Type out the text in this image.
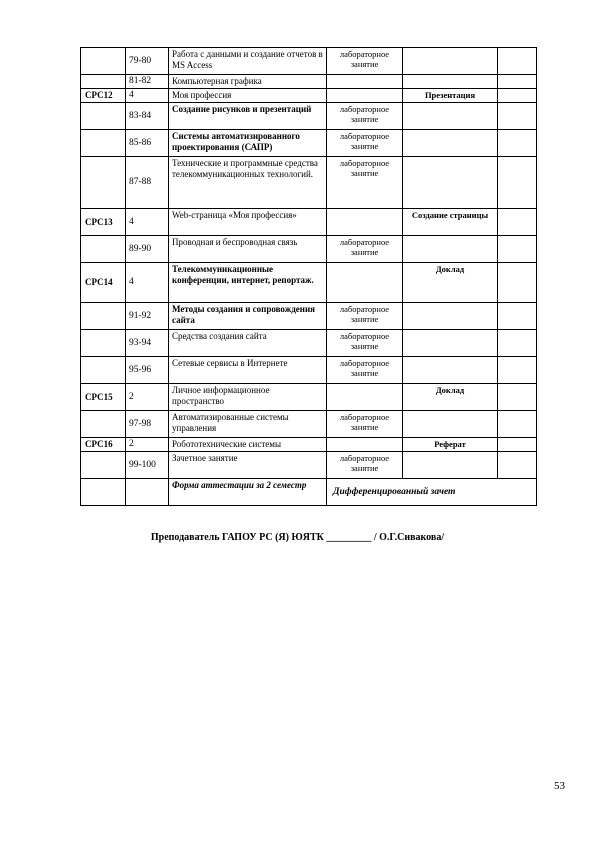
	79-80	Работа с данными и создание отчетов в MS Access	лабораторное занятие		
	81-82	Компьютерная графика			
СРС12	4	Моя профессия		Презентация	
	83-84	Создание рисунков и презентаций	лабораторное занятие		
	85-86	Системы автоматизированного проектирования (САПР)	лабораторное занятие		
	87-88	Технические и программные средства телекоммуникационных технологий.	лабораторное занятие		
СРС13	4	Web-страница «Моя профессия»		Создание страницы	
	89-90	Проводная и беспроводная связь	лабораторное занятие		
СРС14	4	Телекоммуникационные конференции, интернет, репортаж.		Доклад	
	91-92	Методы создания и сопровождения сайта	лабораторное занятие		
	93-94	Средства создания сайта	лабораторное занятие		
	95-96	Сетевые сервисы в Интернете	лабораторное занятие		
СРС15	2	Личное информационное пространство		Доклад	
	97-98	Автоматизированные системы управления	лабораторное занятие		
СРС16	2	Робототехнические системы		Реферат	
	99-100	Зачетное занятие	лабораторное занятие		
		Форма аттестации за 2 семестр	Дифференцированный зачет		
Преподаватель ГАПОУ РС (Я) ЮЯТК _________ / О.Г.Сивакова/
53
